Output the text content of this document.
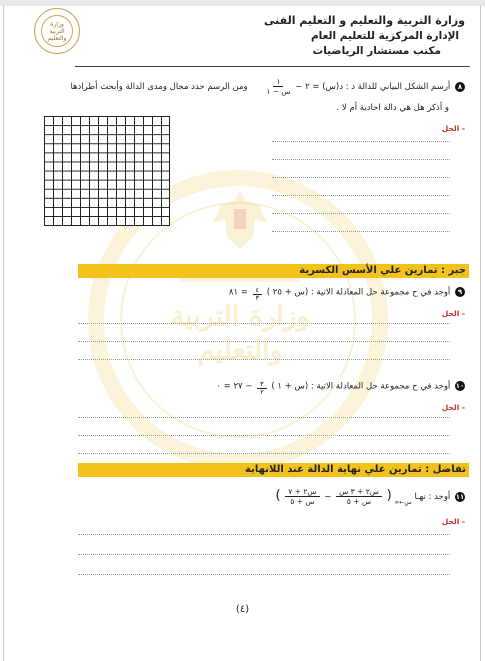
وزارة التربية والتعليم
وزارة التربية والتعليم
وزارة التربية والتعليم و التعليم الفنى
الإدارة المركزية للتعليم العام
مكتب مستشار الرياضيات
٨ أرسم الشكل البياني للدالة د : د(س) = ٢ −
$\frac{١}{\text{س − ١}}$
ومن الرسم حدد مجال ومدى الدالة وأبحث أطرادها
و أذكر هل هي دالة احادية أم لا .
- الحل
جبر : تمارين علي الأسس الكسرية
٩ أوجد في ح مجموعة حل المعادلة الاتية : (س + ٢٥ )
$\frac{٤}{٣}$
= ٨١
- الحل
١٠ أوجد في ح مجموعة حل المعادلة الاتية : (س + ١ )
$\frac{٣}{٢}$
− ٢٧ = ٠
- الحل
تفاضل : تمارين علي نهاية الدالة عند اللانهاية
١١ أوجد : نهـا س←∞ (
$\frac{\text{س٢ + ٣ س}}{\text{س + ٥}}$
−
$\frac{\text{س٢ + ٧}}{\text{س + ٥}}$
)
- الحل
(٤)
